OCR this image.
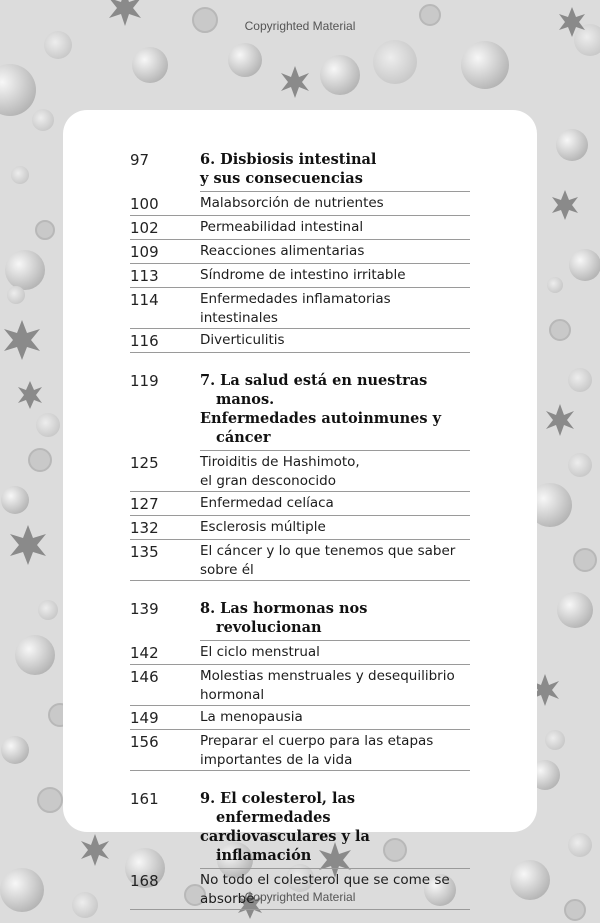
Copyrighted Material
Copyrighted Material
97	6. Disbiosis intestinal
y sus consecuencias
100	Malabsorción de nutrientes
102	Permeabilidad intestinal
109	Reacciones alimentarias
113	Síndrome de intestino irritable
114	Enfermedades inflamatorias intestinales
116	Diverticulitis
119	7. La salud está en nuestras manos.
Enfermedades autoinmunes y cáncer
125	Tiroiditis de Hashimoto,
el gran desconocido
127	Enfermedad celíaca
132	Esclerosis múltiple
135	El cáncer y lo que tenemos que saber
sobre él
139	8. Las hormonas nos revolucionan
142	El ciclo menstrual
146	Molestias menstruales y desequilibrio
hormonal
149	La menopausia
156	Preparar el cuerpo para las etapas
importantes de la vida
161	9. El colesterol, las enfermedades
cardiovasculares y la inflamación
168	No todo el colesterol que se come se
absorbe
